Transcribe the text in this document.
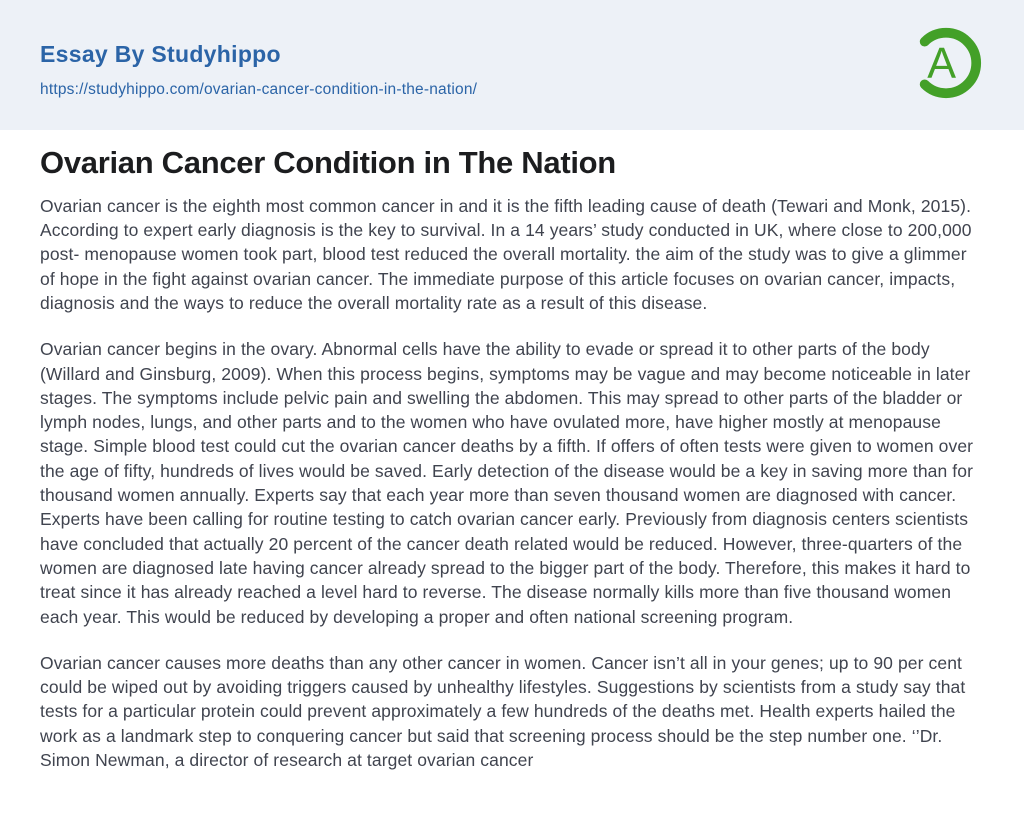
Essay By Studyhippo
https://studyhippo.com/ovarian-cancer-condition-in-the-nation/
A
Ovarian Cancer Condition in The Nation

Ovarian cancer is the eighth most common cancer in and it is the fifth leading cause of death (Tewari and Monk, 2015). According to expert early diagnosis is the key to survival. In a 14 years’ study conducted in UK, where close to 200,000 post- menopause women took part, blood test reduced the overall mortality. the aim of the study was to give a glimmer of hope in the fight against ovarian cancer. The immediate purpose of this article focuses on ovarian cancer, impacts, diagnosis and the ways to reduce the overall mortality rate as a result of this disease.

Ovarian cancer begins in the ovary. Abnormal cells have the ability to evade or spread it to other parts of the body (Willard and Ginsburg, 2009). When this process begins, symptoms may be vague and may become noticeable in later stages. The symptoms include pelvic pain and swelling the abdomen. This may spread to other parts of the bladder or lymph nodes, lungs, and other parts and to the women who have ovulated more, have higher mostly at menopause stage. Simple blood test could cut the ovarian cancer deaths by a fifth. If offers of often tests were given to women over the age of fifty, hundreds of lives would be saved. Early detection of the disease would be a key in saving more than for thousand women annually. Experts say that each year more than seven thousand women are diagnosed with cancer. Experts have been calling for routine testing to catch ovarian cancer early. Previously from diagnosis centers scientists have concluded that actually 20 percent of the cancer death related would be reduced. However, three-quarters of the women are diagnosed late having cancer already spread to the bigger part of the body. Therefore, this makes it hard to treat since it has already reached a level hard to reverse. The disease normally kills more than five thousand women each year. This would be reduced by developing a proper and often national screening program.

Ovarian cancer causes more deaths than any other cancer in women. Cancer isn’t all in your genes; up to 90 per cent could be wiped out by avoiding triggers caused by unhealthy lifestyles. Suggestions by scientists from a study say that tests for a particular protein could prevent approximately a few hundreds of the deaths met. Health experts hailed the work as a landmark step to conquering cancer but said that screening process should be the step number one. ‘’Dr. Simon Newman, a director of research at target ovarian cancer
